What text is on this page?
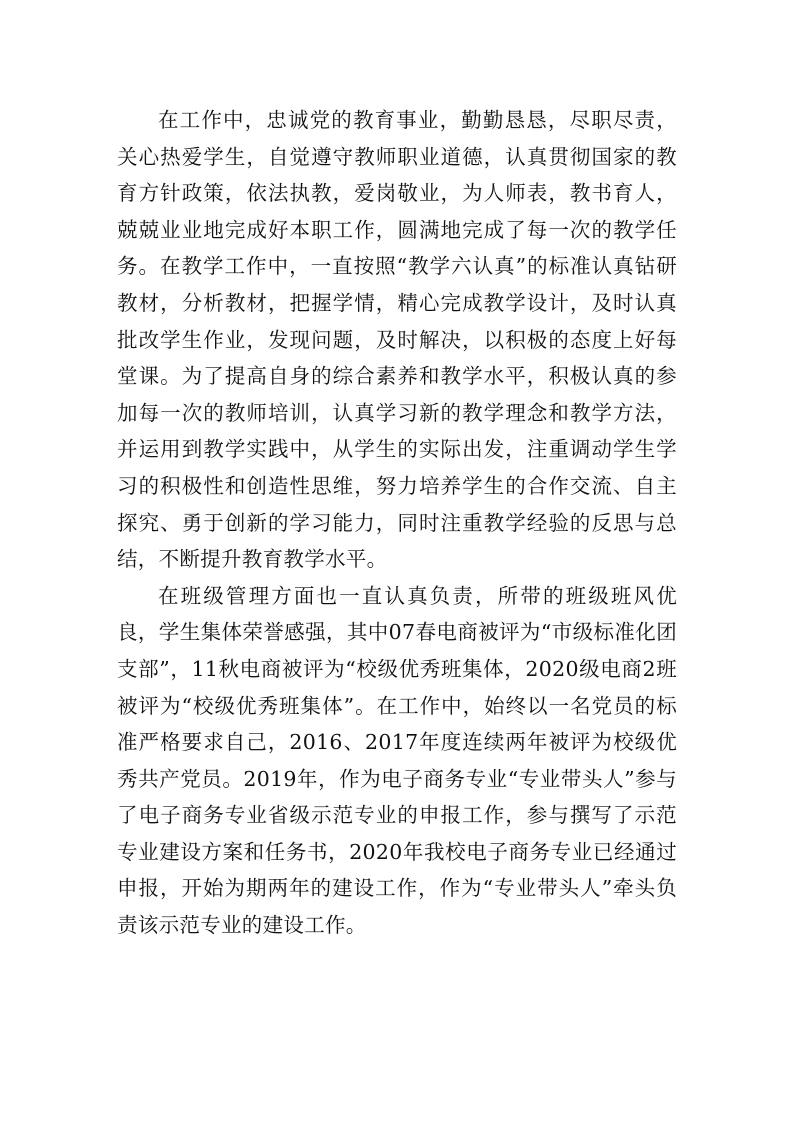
在工作中，忠诚党的教育事业，勤勤恳恳，尽职尽责，关心热爱学生，自觉遵守教师职业道德，认真贯彻国家的教育方针政策，依法执教，爱岗敬业，为人师表，教书育人，兢兢业业地完成好本职工作，圆满地完成了每一次的教学任务。在教学工作中，一直按照“教学六认真”的标准认真钻研教材，分析教材，把握学情，精心完成教学设计，及时认真批改学生作业，发现问题，及时解决，以积极的态度上好每堂课。为了提高自身的综合素养和教学水平，积极认真的参加每一次的教师培训，认真学习新的教学理念和教学方法，并运用到教学实践中，从学生的实际出发，注重调动学生学习的积极性和创造性思维，努力培养学生的合作交流、自主探究、勇于创新的学习能力，同时注重教学经验的反思与总结，不断提升教育教学水平。

在班级管理方面也一直认真负责，所带的班级班风优良，学生集体荣誉感强，其中07春电商被评为“市级标准化团支部”，11秋电商被评为“校级优秀班集体，2020级电商2班被评为“校级优秀班集体”。在工作中，始终以一名党员的标准严格要求自己，2016、2017年度连续两年被评为校级优秀共产党员。2019年，作为电子商务专业“专业带头人”参与了电子商务专业省级示范专业的申报工作，参与撰写了示范专业建设方案和任务书，2020年我校电子商务专业已经通过申报，开始为期两年的建设工作，作为“专业带头人”牵头负责该示范专业的建设工作。
